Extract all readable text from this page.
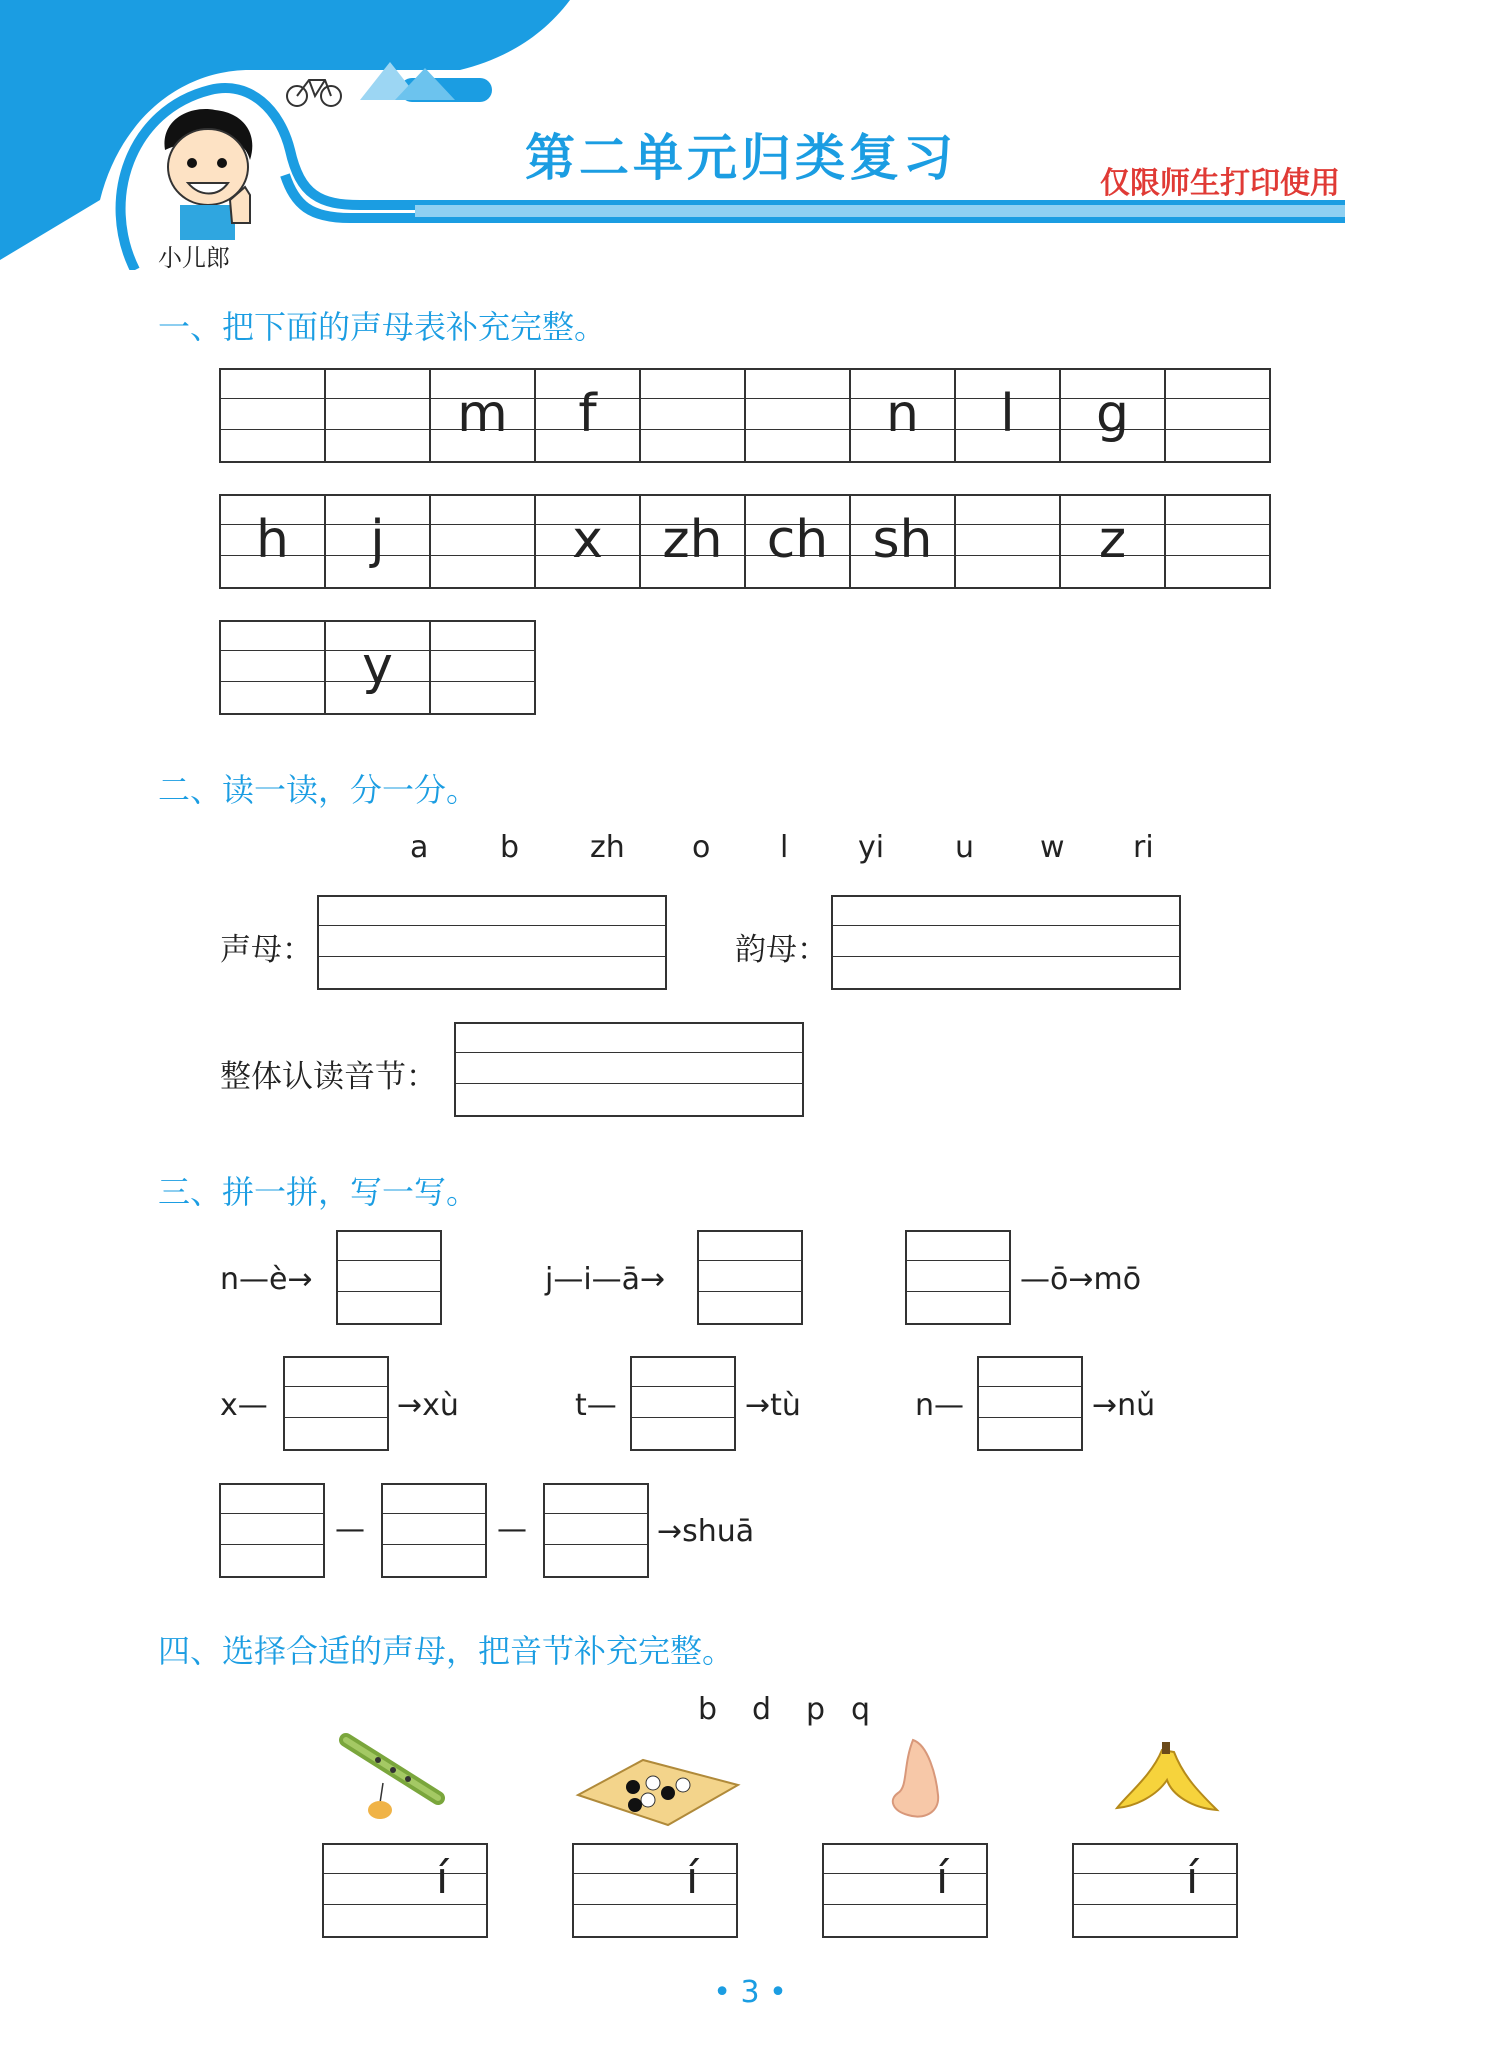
小儿郎
第二单元归类复习	仅限师生打印使用
一、把下面的声母表补充完整。
m	f	n	l	g
h	j	x	zh ch sh	z
y
二、读一读，分一分。
a b zh o l yi u w ri
声母：	韵母：
整体认读音节：
三、拼一拼，写一写。
n—è→	j—i—ā→	—ō→mō
x—	→xù	t—	→tù	n—	→nǔ
—	—	→shuā
四、选择合适的声母，把音节补充完整。
b d p q
í	í	í	í
• 3 •
